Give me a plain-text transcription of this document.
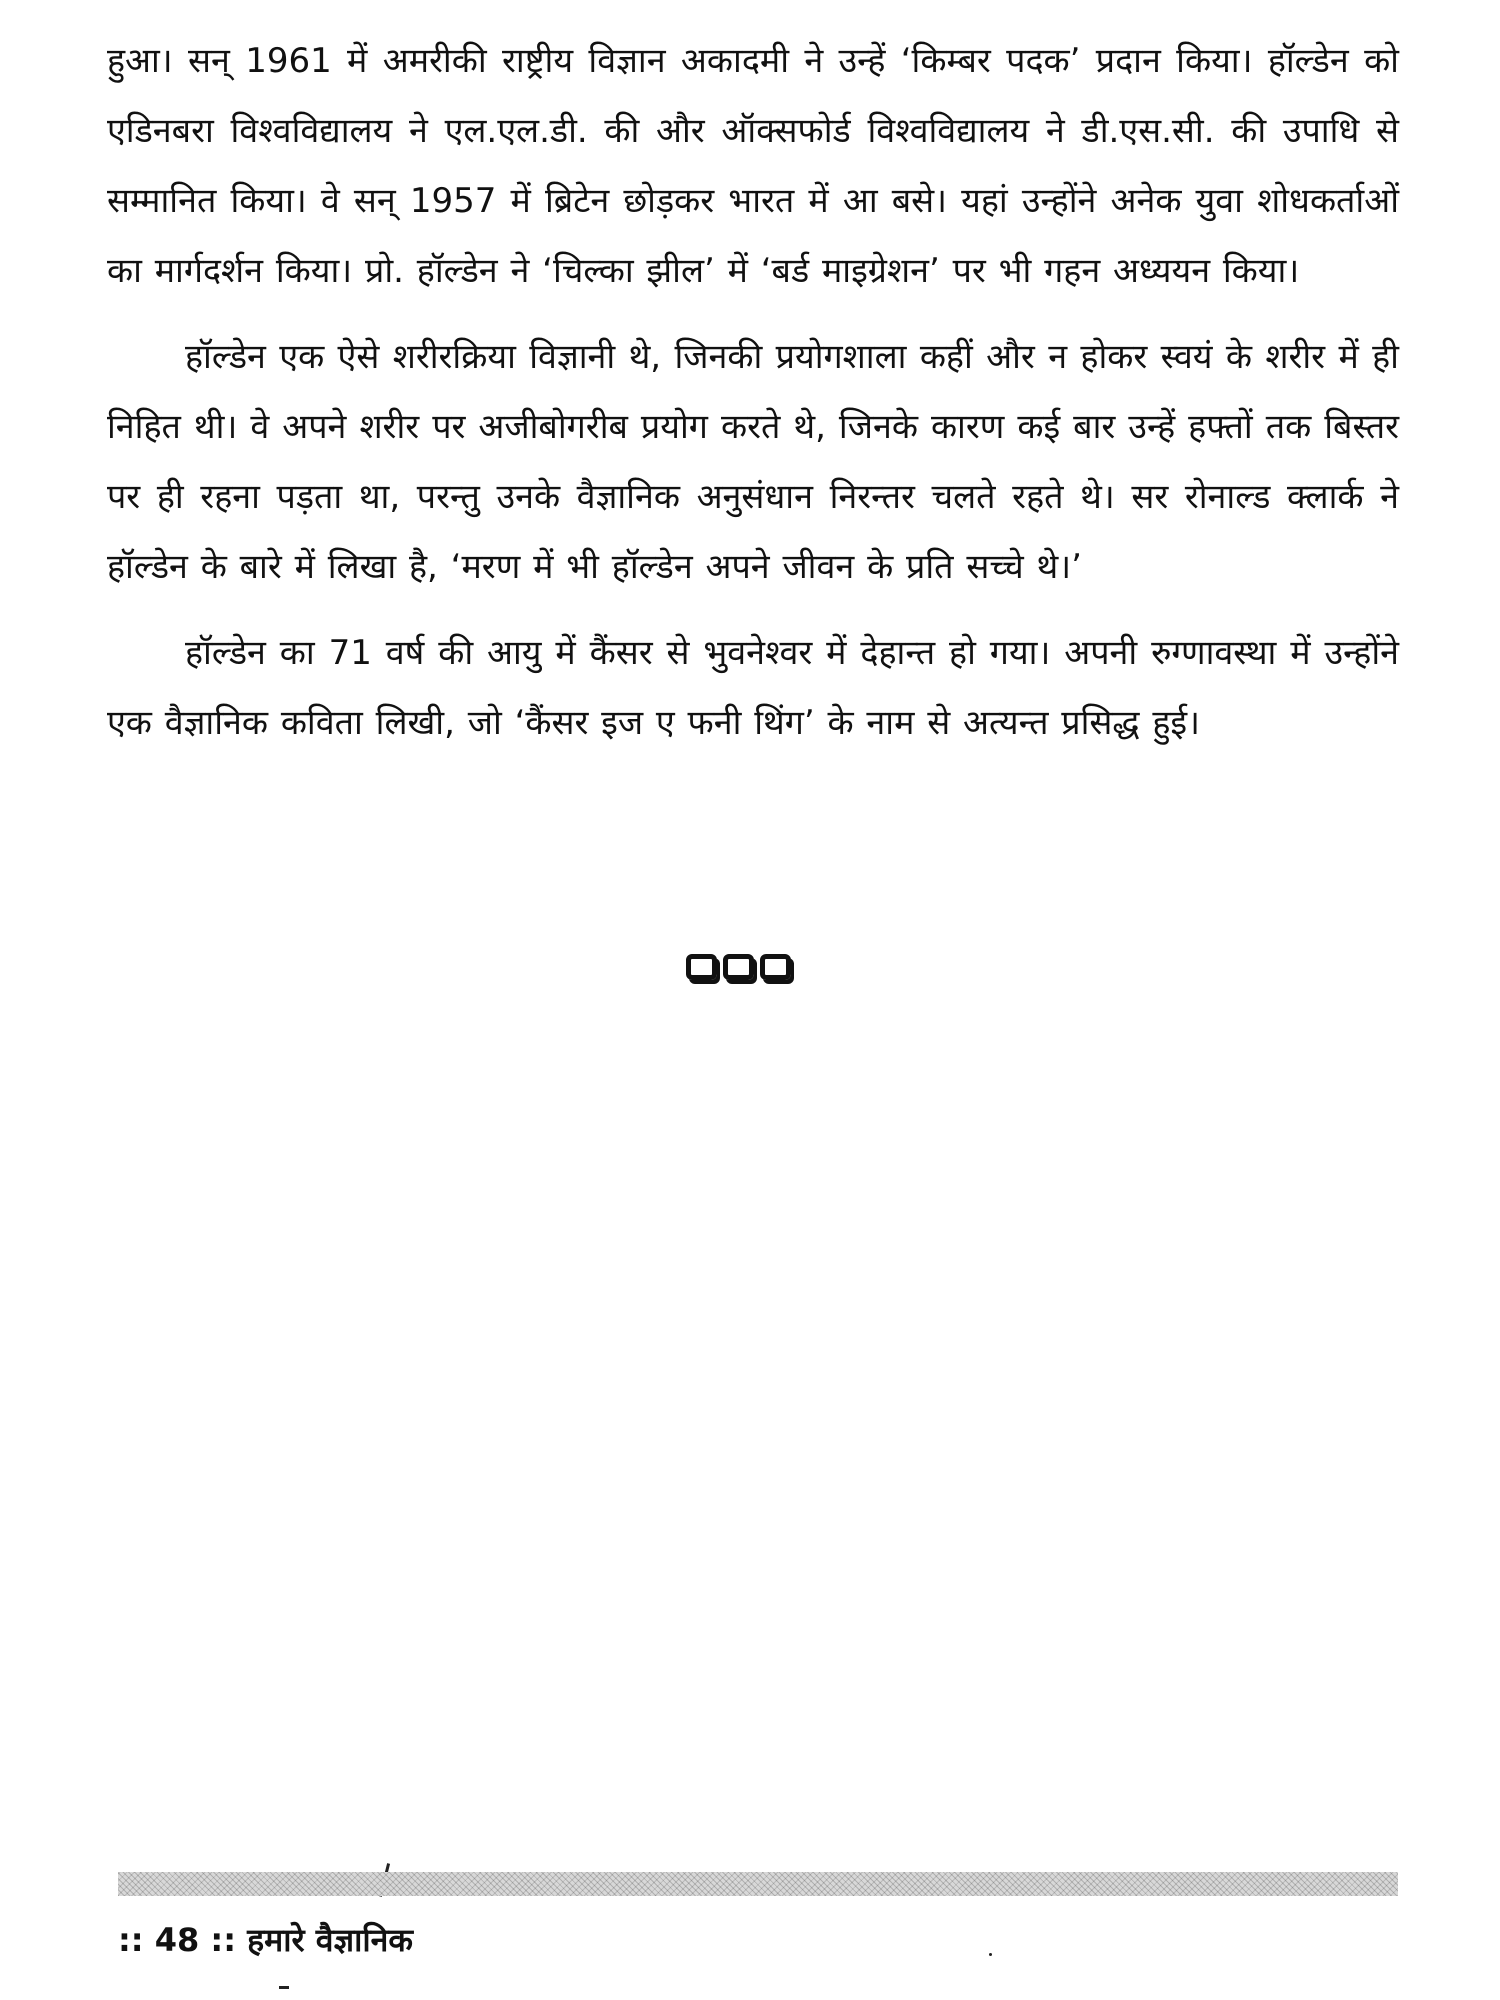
हुआ। सन् 1961 में अमरीकी राष्ट्रीय विज्ञान अकादमी ने उन्हें ‘किम्बर पदक’ प्रदान किया। हॉल्डेन को एडिनबरा विश्वविद्यालय ने एल.एल.डी. की और ऑक्सफोर्ड विश्वविद्यालय ने डी.एस.सी. की उपाधि से सम्मानित किया। वे सन् 1957 में ब्रिटेन छोड़कर भारत में आ बसे। यहां उन्होंने अनेक युवा शोधकर्ताओं का मार्गदर्शन किया। प्रो. हॉल्डेन ने ‘चिल्का झील’ में ‘बर्ड माइग्रेशन’ पर भी गहन अध्ययन किया।

हॉल्डेन एक ऐसे शरीरक्रिया विज्ञानी थे, जिनकी प्रयोगशाला कहीं और न होकर स्वयं के शरीर में ही निहित थी। वे अपने शरीर पर अजीबोगरीब प्रयोग करते थे, जिनके कारण कई बार उन्हें हफ्तों तक बिस्तर पर ही रहना पड़ता था, परन्तु उनके वैज्ञानिक अनुसंधान निरन्तर चलते रहते थे। सर रोनाल्ड क्लार्क ने हॉल्डेन के बारे में लिखा है, ‘मरण में भी हॉल्डेन अपने जीवन के प्रति सच्चे थे।’

हॉल्डेन का 71 वर्ष की आयु में कैंसर से भुवनेश्वर में देहान्त हो गया। अपनी रुग्णावस्था में उन्होंने एक वैज्ञानिक कविता लिखी, जो ‘कैंसर इज ए फनी थिंग’ के नाम से अत्यन्त प्रसिद्ध हुई।

:: 48 :: हमारे वैज्ञानिक
